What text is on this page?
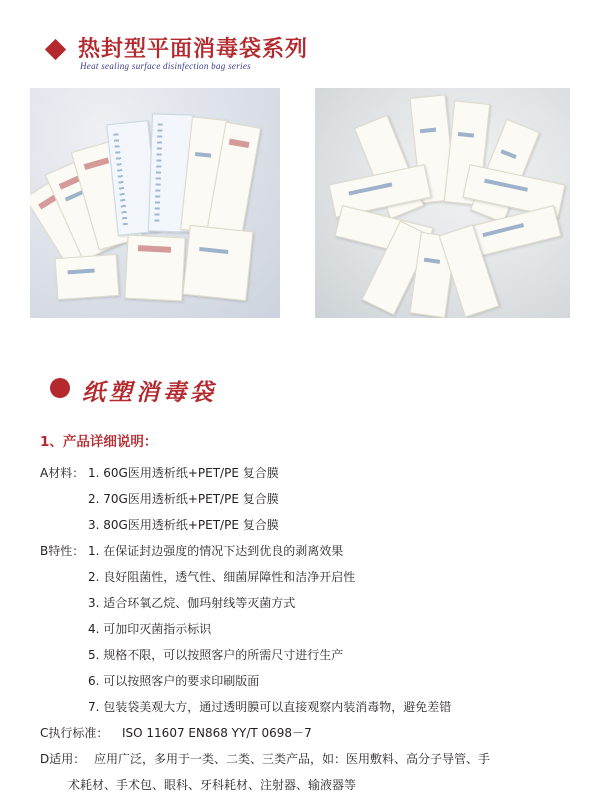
热封型平面消毒袋系列
Heat sealing surface disinfection bag series
纸塑消毒袋
1、产品详细说明：
A材料： 1. 60G医用透析纸+PET/PE 复合膜
2. 70G医用透析纸+PET/PE 复合膜
3. 80G医用透析纸+PET/PE 复合膜
B特性： 1. 在保证封边强度的情况下达到优良的剥离效果
2. 良好阻菌性，透气性、细菌屏障性和洁净开启性
3. 适合环氧乙烷、伽玛射线等灭菌方式
4. 可加印灭菌指示标识
5. 规格不限，可以按照客户的所需尺寸进行生产
6. 可以按照客户的要求印刷版面
7. 包装袋美观大方，通过透明膜可以直接观察内装消毒物，避免差错
C执行标准： ISO 11607 EN868 YY/T 0698－7
D适用： 应用广泛，多用于一类、二类、三类产品，如：医用敷料、高分子导管、手
术耗材、手术包、眼科、牙科耗材、注射器、输液器等
